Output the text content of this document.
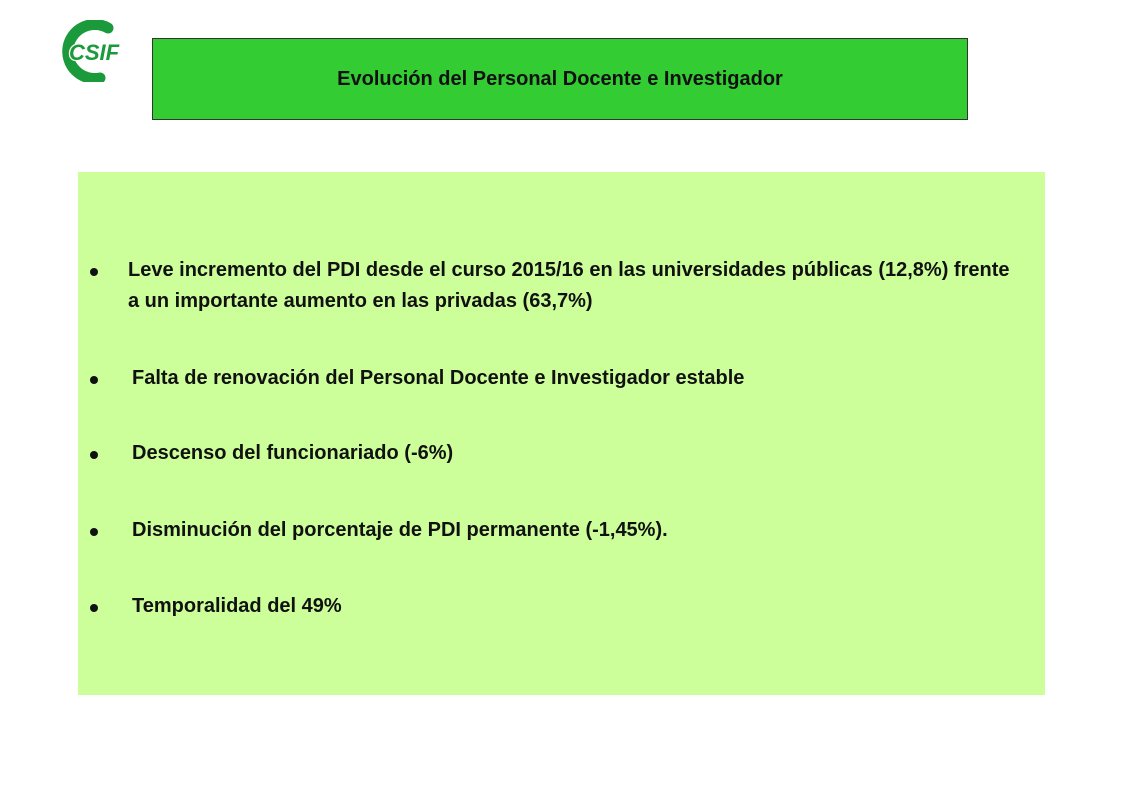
CSIF
Evolución del Personal Docente e Investigador
Leve incremento del PDI desde el curso 2015/16 en las universidades públicas (12,8%) frente a un importante aumento en las privadas (63,7%)
Falta de renovación del Personal Docente e Investigador estable
Descenso del funcionariado (-6%)
Disminución del porcentaje de PDI permanente (-1,45%).
Temporalidad del 49%
